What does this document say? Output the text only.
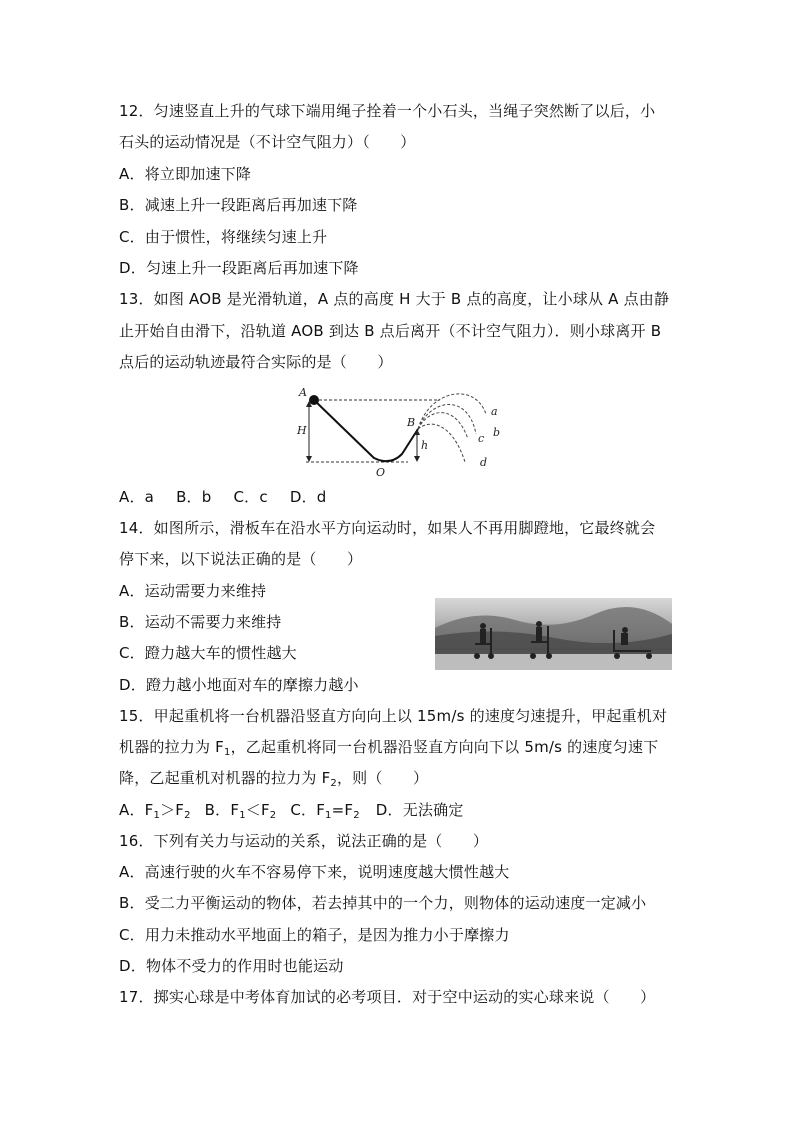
12．匀速竖直上升的气球下端用绳子拴着一个小石头，当绳子突然断了以后，小
石头的运动情况是（不计空气阻力）（　　）
A．将立即加速下降
B．减速上升一段距离后再加速下降
C．由于惯性，将继续匀速上升
D．匀速上升一段距离后再加速下降
13．如图 AOB 是光滑轨道，A 点的高度 H 大于 B 点的高度，让小球从 A 点由静
止开始自由滑下，沿轨道 AOB 到达 B 点后离开（不计空气阻力）．则小球离开 B
点后的运动轨迹最符合实际的是（　　）
A
H
B
h
O
a
b
c
d
A．a B．b C．c D．d
14．如图所示，滑板车在沿水平方向运动时，如果人不再用脚蹬地，它最终就会
停下来，以下说法正确的是（　　）
A．运动需要力来维持
B．运动不需要力来维持
C．蹬力越大车的惯性越大
D．蹬力越小地面对车的摩擦力越小
15．甲起重机将一台机器沿竖直方向向上以 15m/s 的速度匀速提升，甲起重机对
机器的拉力为 $F_1$，乙起重机将同一台机器沿竖直方向向下以 5m/s 的速度匀速下
降，乙起重机对机器的拉力为 $F_2$，则（　　）
A．$F_1>F_2$ B．$F_1<F_2$ C．$F_1=F_2$ D．无法确定
16．下列有关力与运动的关系，说法正确的是（　　）
A．高速行驶的火车不容易停下来，说明速度越大惯性越大
B．受二力平衡运动的物体，若去掉其中的一个力，则物体的运动速度一定减小
C．用力未推动水平地面上的箱子，是因为推力小于摩擦力
D．物体不受力的作用时也能运动
17．掷实心球是中考体育加试的必考项目．对于空中运动的实心球来说（　　）
